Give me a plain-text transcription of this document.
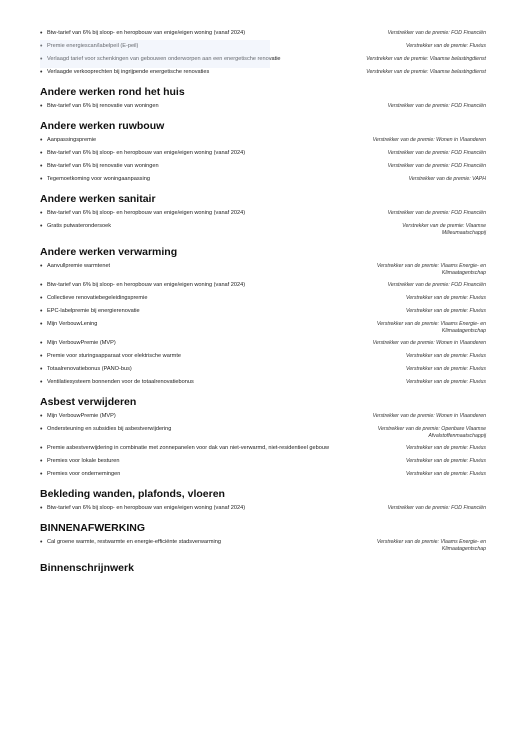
• Btw-tarief van 6% bij sloop- en heropbouw van enige/eigen woning (vanaf 2024)	Verstrekker van de premie: FOD Financiën
• Premie energiescan/labelpeil (E-peil)	Verstrekker van de premie: Fluvius
• Verlaagd tarief voor schenkingen van gebouwen onderworpen aan een energetische renovatie	Verstrekker van de premie: Vlaamse belastingdienst
• Verlaagde verkooprechten bij ingrijpende energetische renovaties	Verstrekker van de premie: Vlaamse belastingdienst
Andere werken rond het huis
• Btw-tarief van 6% bij renovatie van woningen	Verstrekker van de premie: FOD Financiën
Andere werken ruwbouw
• Aanpassingspremie	Verstrekker van de premie: Wonen in Vlaanderen
• Btw-tarief van 6% bij sloop- en heropbouw van enige/eigen woning (vanaf 2024)	Verstrekker van de premie: FOD Financiën
• Btw-tarief van 6% bij renovatie van woningen	Verstrekker van de premie: FOD Financiën
• Tegemoetkoming voor woningaanpassing	Verstrekker van de premie: VAPH
Andere werken sanitair
• Btw-tarief van 6% bij sloop- en heropbouw van enige/eigen woning (vanaf 2024)	Verstrekker van de premie: FOD Financiën
• Gratis putwaterondersoek	Verstrekker van de premie: Vlaamse Milieumaatschappij
Andere werken verwarming
• Aanvullpremie warmtenet	Verstrekker van de premie: Vlaams Energie- en Klimaatagentschap
• Btw-tarief van 6% bij sloop- en heropbouw van enige/eigen woning (vanaf 2024)	Verstrekker van de premie: FOD Financiën
• Collectieve renovatiebegeleidingspremie	Verstrekker van de premie: Fluvius
• EPC-labelpremie bij energierenovatie	Verstrekker van de premie: Fluvius
• Mijn VerbouwLening	Verstrekker van de premie: Vlaams Energie- en Klimaatagentschap
• Mijn VerbouwPremie (MVP)	Verstrekker van de premie: Wonen in Vlaanderen
• Premie voor sturingsapparaat voor elektrische warmte	Verstrekker van de premie: Fluvius
• Totaalrenovatiebonus (PANO-bus)	Verstrekker van de premie: Fluvius
• Ventilatiesysteem bonnenden voor de totaalrenovatiebonus	Verstrekker van de premie: Fluvius
Asbest verwijderen
• Mijn VerbouwPremie (MVP)	Verstrekker van de premie: Wonen in Vlaanderen
• Ondersteuning en subsidies bij asbestverwijdering	Verstrekker van de premie: Openbare Vlaamse Afvalstoffenmaatschappij
• Premie asbestverwijdering in combinatie met zonnepanelen voor dak van niet-verwarmd, niet-residentieel gebouw	Verstrekker van de premie: Fluvius
• Premies voor lokale besturen	Verstrekker van de premie: Fluvius
• Premies voor ondernemingen	Verstrekker van de premie: Fluvius
Bekleding wanden, plafonds, vloeren
• Btw-tarief van 6% bij sloop- en heropbouw van enige/eigen woning (vanaf 2024)	Verstrekker van de premie: FOD Financiën
BINNENAFWERKING
• Cal groene warmte, restwarmte en energie-efficiënte stadsverwarming	Verstrekker van de premie: Vlaams Energie- en Klimaatagentschap
Binnenschrijnwerk
